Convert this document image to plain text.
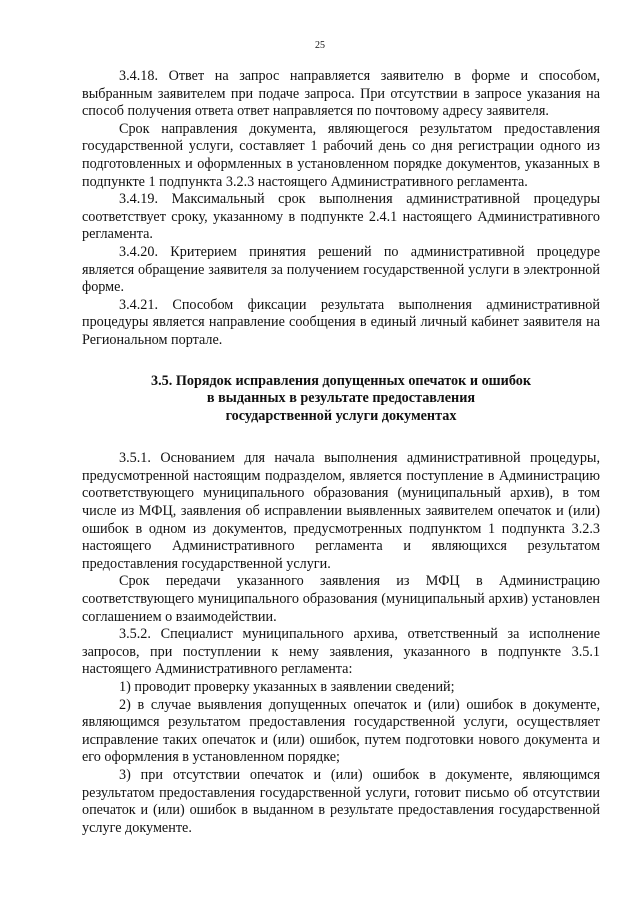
25

3.4.18. Ответ на запрос направляется заявителю в форме и способом, выбранным заявителем при подаче запроса. При отсутствии в запросе указания на способ получения ответа ответ направляется по почтовому адресу заявителя.

Срок направления документа, являющегося результатом предоставления государственной услуги, составляет 1 рабочий день со дня регистрации одного из подготовленных и оформленных в установленном порядке документов, указанных в подпункте 1 подпункта 3.2.3 настоящего Административного регламента.

3.4.19. Максимальный срок выполнения административной процедуры соответствует сроку, указанному в подпункте 2.4.1 настоящего Административного регламента.

3.4.20. Критерием принятия решений по административной процедуре является обращение заявителя за получением государственной услуги в электронной форме.

3.4.21. Способом фиксации результата выполнения административной процедуры является направление сообщения в единый личный кабинет заявителя на Региональном портале.

3.5. Порядок исправления допущенных опечаток и ошибок
в выданных в результате предоставления
государственной услуги документах

3.5.1. Основанием для начала выполнения административной процедуры, предусмотренной настоящим подразделом, является поступление в Администрацию соответствующего муниципального образования (муниципальный архив), в том числе из МФЦ, заявления об исправлении выявленных заявителем опечаток и (или) ошибок в одном из документов, предусмотренных подпунктом 1 подпункта 3.2.3 настоящего Административного регламента и являющихся результатом предоставления государственной услуги.

Срок передачи указанного заявления из МФЦ в Администрацию соответствующего муниципального образования (муниципальный архив) установлен соглашением о взаимодействии.

3.5.2. Специалист муниципального архива, ответственный за исполнение запросов, при поступлении к нему заявления, указанного в подпункте 3.5.1 настоящего Административного регламента:

1) проводит проверку указанных в заявлении сведений;

2) в случае выявления допущенных опечаток и (или) ошибок в документе, являющимся результатом предоставления государственной услуги, осуществляет исправление таких опечаток и (или) ошибок, путем подготовки нового документа и его оформления в установленном порядке;

3) при отсутствии опечаток и (или) ошибок в документе, являющимся результатом предоставления государственной услуги, готовит письмо об отсутствии опечаток и (или) ошибок в выданном в результате предоставления государственной услуге документе.
